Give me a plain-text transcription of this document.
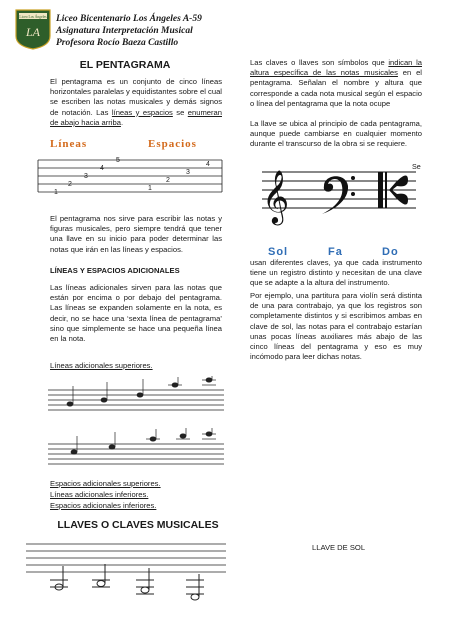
Liceo Los Ángeles
LA
Liceo Bicentenario Los Ángeles A-59
Asignatura Interpretación Musical
Profesora Rocío Baeza Castillo
EL PENTAGRAMA
El pentagrama es un conjunto de cinco líneas horizontales paralelas y equidistantes sobre el cual se escriben las notas musicales y demás signos de notación. Las líneas y espacios se enumeran de abajo hacia arriba.
Líneas	Espacios
1
2
3
4
5
1
2
3
4
El pentagrama nos sirve para escribir las notas y figuras musicales, pero siempre tendrá que tener una llave en su inicio para poder determinar las notas que irán en las líneas y espacios.
LÍNEAS Y ESPACIOS ADICIONALES
Las líneas adicionales sirven para las notas que están por encima o por debajo del pentagrama. Las líneas se expanden solamente en la nota, es decir, no se hace una ‘sexta línea de pentagrama’ sino que simplemente se hace una pequeña línea en la nota.
Líneas adicionales superiores.
Espacios adicionales superiores.
Líneas adicionales inferiores.
Espacios adicionales inferiores.
LLAVES O CLAVES MUSICALES
Las claves o llaves son símbolos que indican la altura específica de las notas musicales en el pentagrama. Señalan el nombre y altura que corresponde a cada nota musical según el espacio o línea del pentagrama que la nota ocupe
La llave se ubica al principio de cada pentagrama, aunque puede cambiarse en cualquier momento durante el transcurso de la obra si se requiere.
Se
𝄞
Sol	Fa	Do
usan diferentes claves, ya que cada instrumento tiene un registro distinto y necesitan de una clave que se adapte a la altura del instrumento.
Por ejemplo, una partitura para violín será distinta de una para contrabajo, ya que los registros son completamente distintos y si escribimos ambas en clave de sol, las notas para el contrabajo estarían unas pocas líneas auxiliares más abajo de las cinco líneas del pentagrama y eso es muy incómodo para leer dichas notas.
LLAVE DE SOL
